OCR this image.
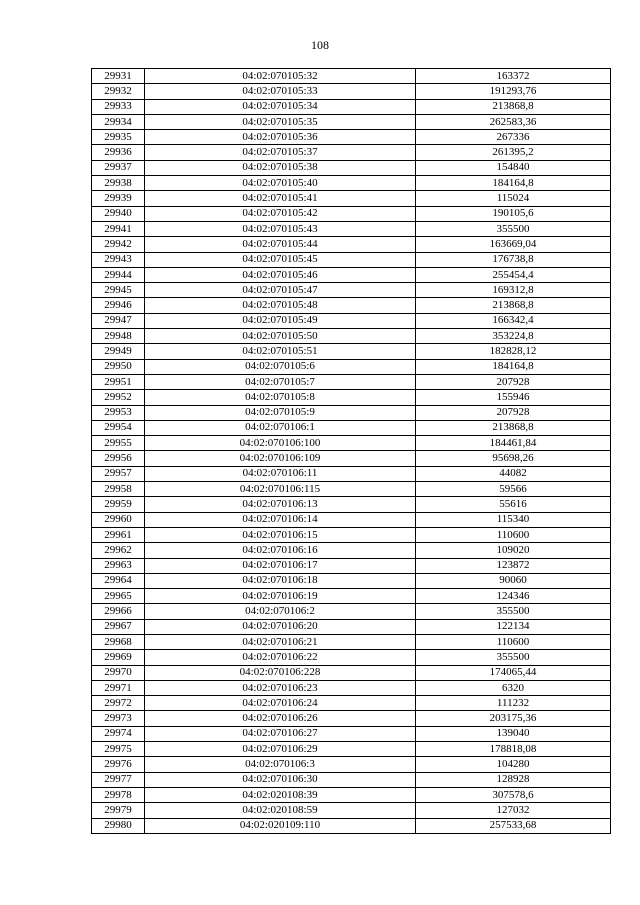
108
29931	04:02:070105:32	163372
29932	04:02:070105:33	191293,76
29933	04:02:070105:34	213868,8
29934	04:02:070105:35	262583,36
29935	04:02:070105:36	267336
29936	04:02:070105:37	261395,2
29937	04:02:070105:38	154840
29938	04:02:070105:40	184164,8
29939	04:02:070105:41	115024
29940	04:02:070105:42	190105,6
29941	04:02:070105:43	355500
29942	04:02:070105:44	163669,04
29943	04:02:070105:45	176738,8
29944	04:02:070105:46	255454,4
29945	04:02:070105:47	169312,8
29946	04:02:070105:48	213868,8
29947	04:02:070105:49	166342,4
29948	04:02:070105:50	353224,8
29949	04:02:070105:51	182828,12
29950	04:02:070105:6	184164,8
29951	04:02:070105:7	207928
29952	04:02:070105:8	155946
29953	04:02:070105:9	207928
29954	04:02:070106:1	213868,8
29955	04:02:070106:100	184461,84
29956	04:02:070106:109	95698,26
29957	04:02:070106:11	44082
29958	04:02:070106:115	59566
29959	04:02:070106:13	55616
29960	04:02:070106:14	115340
29961	04:02:070106:15	110600
29962	04:02:070106:16	109020
29963	04:02:070106:17	123872
29964	04:02:070106:18	90060
29965	04:02:070106:19	124346
29966	04:02:070106:2	355500
29967	04:02:070106:20	122134
29968	04:02:070106:21	110600
29969	04:02:070106:22	355500
29970	04:02:070106:228	174065,44
29971	04:02:070106:23	6320
29972	04:02:070106:24	111232
29973	04:02:070106:26	203175,36
29974	04:02:070106:27	139040
29975	04:02:070106:29	178818,08
29976	04:02:070106:3	104280
29977	04:02:070106:30	128928
29978	04:02:020108:39	307578,6
29979	04:02:020108:59	127032
29980	04:02:020109:110	257533,68
